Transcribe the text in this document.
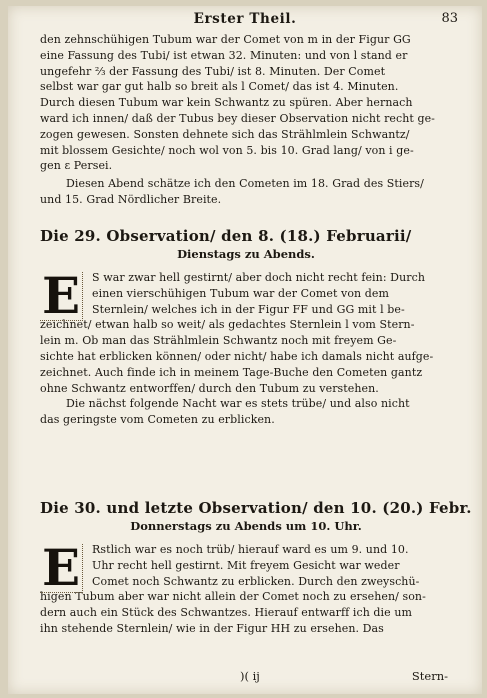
Erster Theil.	83
den zehnschühigen Tubum war der Comet von m in der Figur GG
eine Fassung des Tubi/ ist etwan 32. Minuten: und von l stand er
ungefehr ⅔ der Fassung des Tubi/ ist 8. Minuten. Der Comet
selbst war gar gut halb so breit als l Comet/ das ist 4. Minuten.
Durch diesen Tubum war kein Schwantz zu spüren. Aber hernach
ward ich innen/ daß der Tubus bey dieser Observation nicht recht ge-
zogen gewesen. Sonsten dehnete sich das Strählmlein Schwantz/
mit blossem Gesichte/ noch wol von 5. bis 10. Grad lang/ von i ge-
gen ε Persei.
Diesen Abend schätze ich den Cometen im 18. Grad des Stiers/
und 15. Grad Nördlicher Breite.
Die 29. Observation/ den 8. (18.) Februarii/
Dienstags zu Abends.
E	S war zwar hell gestirnt/ aber doch nicht recht fein: Durch
einen vierschühigen Tubum war der Comet von dem
Sternlein/ welches ich in der Figur FF und GG mit l be-
zeichnet/ etwan halb so weit/ als gedachtes Sternlein l vom Stern-
lein m. Ob man das Strählmlein Schwantz noch mit freyem Ge-
sichte hat erblicken können/ oder nicht/ habe ich damals nicht aufge-
zeichnet. Auch finde ich in meinem Tage-Buche den Cometen gantz
ohne Schwantz entworffen/ durch den Tubum zu verstehen.
Die nächst folgende Nacht war es stets trübe/ und also nicht
das geringste vom Cometen zu erblicken.
Die 30. und letzte Observation/ den 10. (20.) Febr.
Donnerstags zu Abends um 10. Uhr.
E	Rstlich war es noch trüb/ hierauf ward es um 9. und 10.
Uhr recht hell gestirnt. Mit freyem Gesicht war weder
Comet noch Schwantz zu erblicken. Durch den zweyschü-
higen Tubum aber war nicht allein der Comet noch zu ersehen/ son-
dern auch ein Stück des Schwantzes. Hierauf entwarff ich die um
ihn stehende Sternlein/ wie in der Figur HH zu ersehen. Das
)( ij	Stern-
